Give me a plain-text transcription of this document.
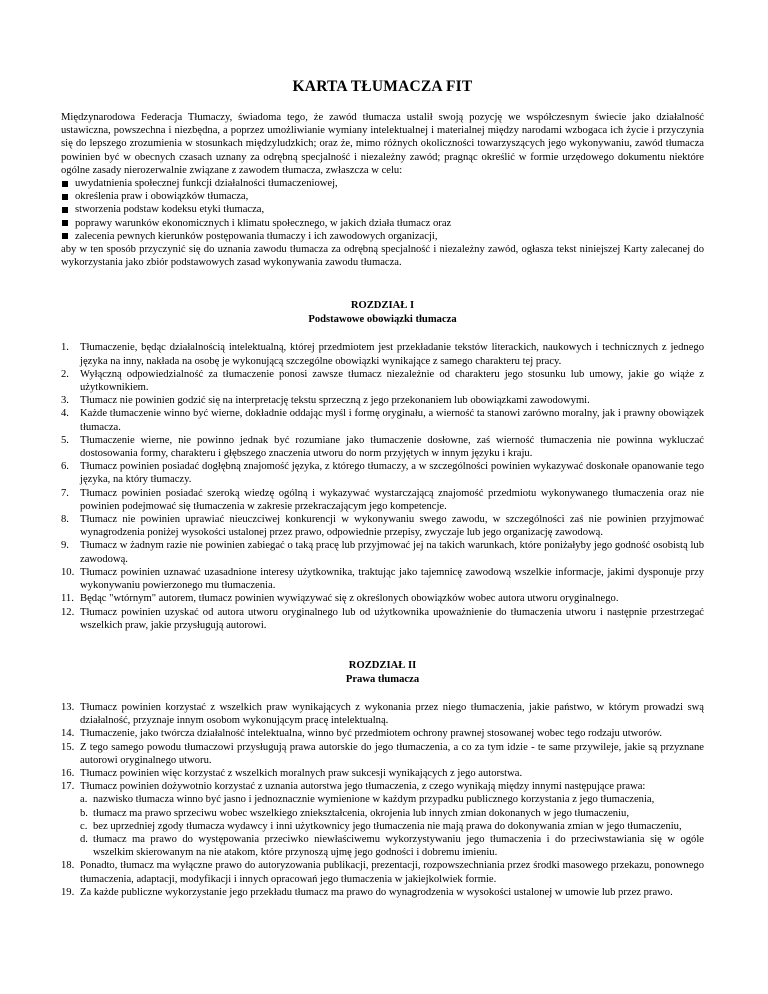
KARTA TŁUMACZA FIT

Międzynarodowa Federacja Tłumaczy, świadoma tego, że zawód tłumacza ustalił swoją pozycję we współczesnym świecie jako działalność ustawiczna, powszechna i niezbędna, a poprzez umożliwianie wymiany intelektualnej i materialnej między narodami wzbogaca ich życie i przyczynia się do lepszego zrozumienia w stosunkach międzyludzkich; oraz że, mimo różnych okoliczności towarzyszących jego wykonywaniu, zawód tłumacza powinien być w obecnych czasach uznany za odrębną specjalność i niezależny zawód; pragnąc określić w formie urzędowego dokumentu niektóre ogólne zasady nierozerwalnie związane z zawodem tłumacza, zwłaszcza w celu:

uwydatnienia społecznej funkcji działalności tłumaczeniowej,
określenia praw i obowiązków tłumacza,
stworzenia podstaw kodeksu etyki tłumacza,
poprawy warunków ekonomicznych i klimatu społecznego, w jakich działa tłumacz oraz
zalecenia pewnych kierunków postępowania tłumaczy i ich zawodowych organizacji,

aby w ten sposób przyczynić się do uznania zawodu tłumacza za odrębną specjalność i niezależny zawód, ogłasza tekst niniejszej Karty zalecanej do wykorzystania jako zbiór podstawowych zasad wykonywania zawodu tłumacza.

ROZDZIAŁ I
Podstawowe obowiązki tłumacza
1.	Tłumaczenie, będąc działalnością intelektualną, której przedmiotem jest przekładanie tekstów literackich, naukowych i technicznych z jednego języka na inny, nakłada na osobę je wykonującą szczególne obowiązki wynikające z samego charakteru tej pracy.
2.	Wyłączną odpowiedzialność za tłumaczenie ponosi zawsze tłumacz niezależnie od charakteru jego stosunku lub umowy, jakie go wiąże z użytkownikiem.
3.	Tłumacz nie powinien godzić się na interpretację tekstu sprzeczną z jego przekonaniem lub obowiązkami zawodowymi.
4.	Każde tłumaczenie winno być wierne, dokładnie oddając myśl i formę oryginału, a wierność ta stanowi zarówno moralny, jak i prawny obowiązek tłumacza.
5.	Tłumaczenie wierne, nie powinno jednak być rozumiane jako tłumaczenie dosłowne, zaś wierność tłumaczenia nie powinna wykluczać dostosowania formy, charakteru i głębszego znaczenia utworu do norm przyjętych w innym języku i kraju.
6.	Tłumacz powinien posiadać dogłębną znajomość języka, z którego tłumaczy, a w szczególności powinien wykazywać doskonałe opanowanie tego języka, na który tłumaczy.
7.	Tłumacz powinien posiadać szeroką wiedzę ogólną i wykazywać wystarczającą znajomość przedmiotu wykonywanego tłumaczenia oraz nie powinien podejmować się tłumaczenia w zakresie przekraczającym jego kompetencje.
8.	Tłumacz nie powinien uprawiać nieuczciwej konkurencji w wykonywaniu swego zawodu, w szczególności zaś nie powinien przyjmować wynagrodzenia poniżej wysokości ustalonej przez prawo, odpowiednie przepisy, zwyczaje lub jego organizację zawodową.
9.	Tłumacz w żadnym razie nie powinien zabiegać o taką pracę lub przyjmować jej na takich warunkach, które poniżałyby jego godność osobistą lub zawodową.
10. Tłumacz powinien uznawać uzasadnione interesy użytkownika, traktując jako tajemnicę zawodową wszelkie informacje, jakimi dysponuje przy wykonywaniu powierzonego mu tłumaczenia.
11. Będąc "wtórnym" autorem, tłumacz powinien wywiązywać się z określonych obowiązków wobec autora utworu oryginalnego.
12. Tłumacz powinien uzyskać od autora utworu oryginalnego lub od użytkownika upoważnienie do tłumaczenia utworu i następnie przestrzegać wszelkich praw, jakie przysługują autorowi.
ROZDZIAŁ II
Prawa tłumacza
13. Tłumacz powinien korzystać z wszelkich praw wynikających z wykonania przez niego tłumaczenia, jakie państwo, w którym prowadzi swą działalność, przyznaje innym osobom wykonującym pracę intelektualną.
14. Tłumaczenie, jako twórcza działalność intelektualna, winno być przedmiotem ochrony prawnej stosowanej wobec tego rodzaju utworów.
15. Z tego samego powodu tłumaczowi przysługują prawa autorskie do jego tłumaczenia, a co za tym idzie - te same przywileje, jakie są przyznane autorowi oryginalnego utworu.
16. Tłumacz powinien więc korzystać z wszelkich moralnych praw sukcesji wynikających z jego autorstwa.
17. Tłumacz powinien dożywotnio korzystać z uznania autorstwa jego tłumaczenia, z czego wynikają między innymi następujące prawa:
a. nazwisko tłumacza winno być jasno i jednoznacznie wymienione w każdym przypadku publicznego korzystania z jego tłumaczenia,
b. tłumacz ma prawo sprzeciwu wobec wszelkiego zniekształcenia, okrojenia lub innych zmian dokonanych w jego tłumaczeniu,
c. bez uprzedniej zgody tłumacza wydawcy i inni użytkownicy jego tłumaczenia nie mają prawa do dokonywania zmian w jego tłumaczeniu,
d. tłumacz ma prawo do występowania przeciwko niewłaściwemu wykorzystywaniu jego tłumaczenia i do przeciwstawiania się w ogóle wszelkim skierowanym na nie atakom, które przynoszą ujmę jego godności i dobremu imieniu.
18. Ponadto, tłumacz ma wyłączne prawo do autoryzowania publikacji, prezentacji, rozpowszechniania przez środki masowego przekazu, ponownego tłumaczenia, adaptacji, modyfikacji i innych opracowań jego tłumaczenia w jakiejkolwiek formie.
19. Za każde publiczne wykorzystanie jego przekładu tłumacz ma prawo do wynagrodzenia w wysokości ustalonej w umowie lub przez prawo.
